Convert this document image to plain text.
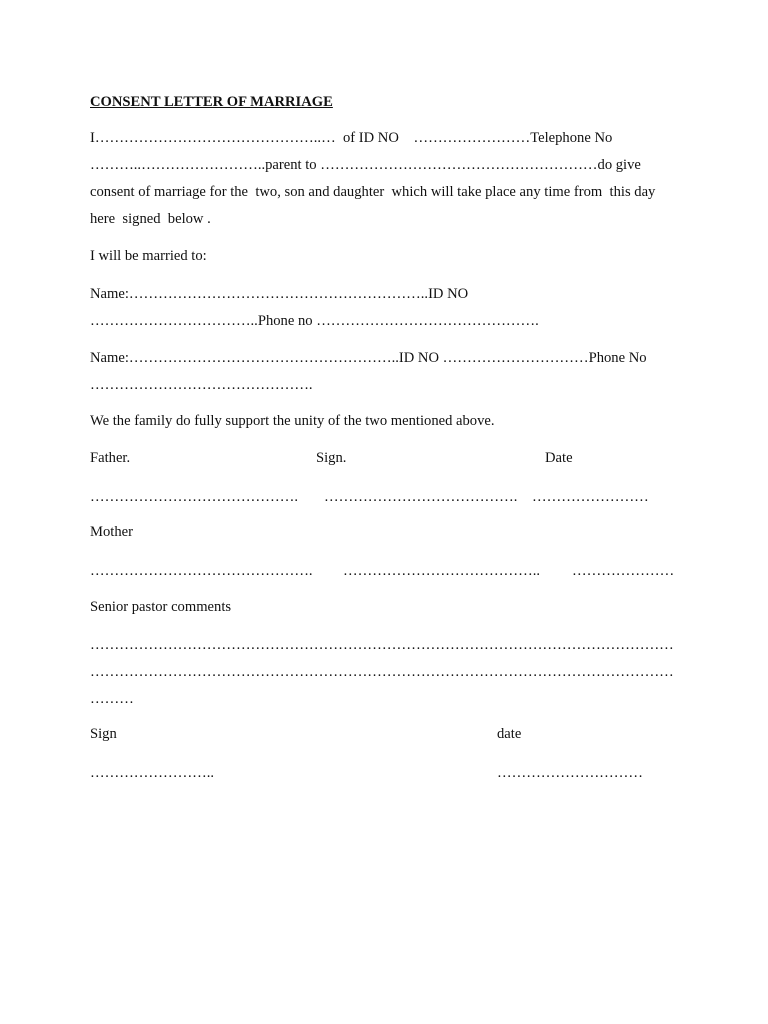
CONSENT LETTER OF MARRIAGE
I………………………………………..…  of ID NO    ……………………Telephone No
………..……………………..parent to …………………………………………………do give
consent of marriage for the  two, son and daughter  which will take place any time from  this day
here  signed  below .
I will be married to:
Name:……………………………………………………..ID NO
……………………………..Phone no ……………………………………….
Name:………………………………………………..ID NO …………………………Phone No
……………………………………….
We the family do fully support the unity of the two mentioned above.
Father.	Sign.	Date
……………………………………. …………………………………. ……………………
Mother
………………………………………. ………………………………….. …………………
Senior pastor comments
…………………………………………………………………………………………………………
…………………………………………………………………………………………………………
………
Sign	date
……………………..	…………………………
